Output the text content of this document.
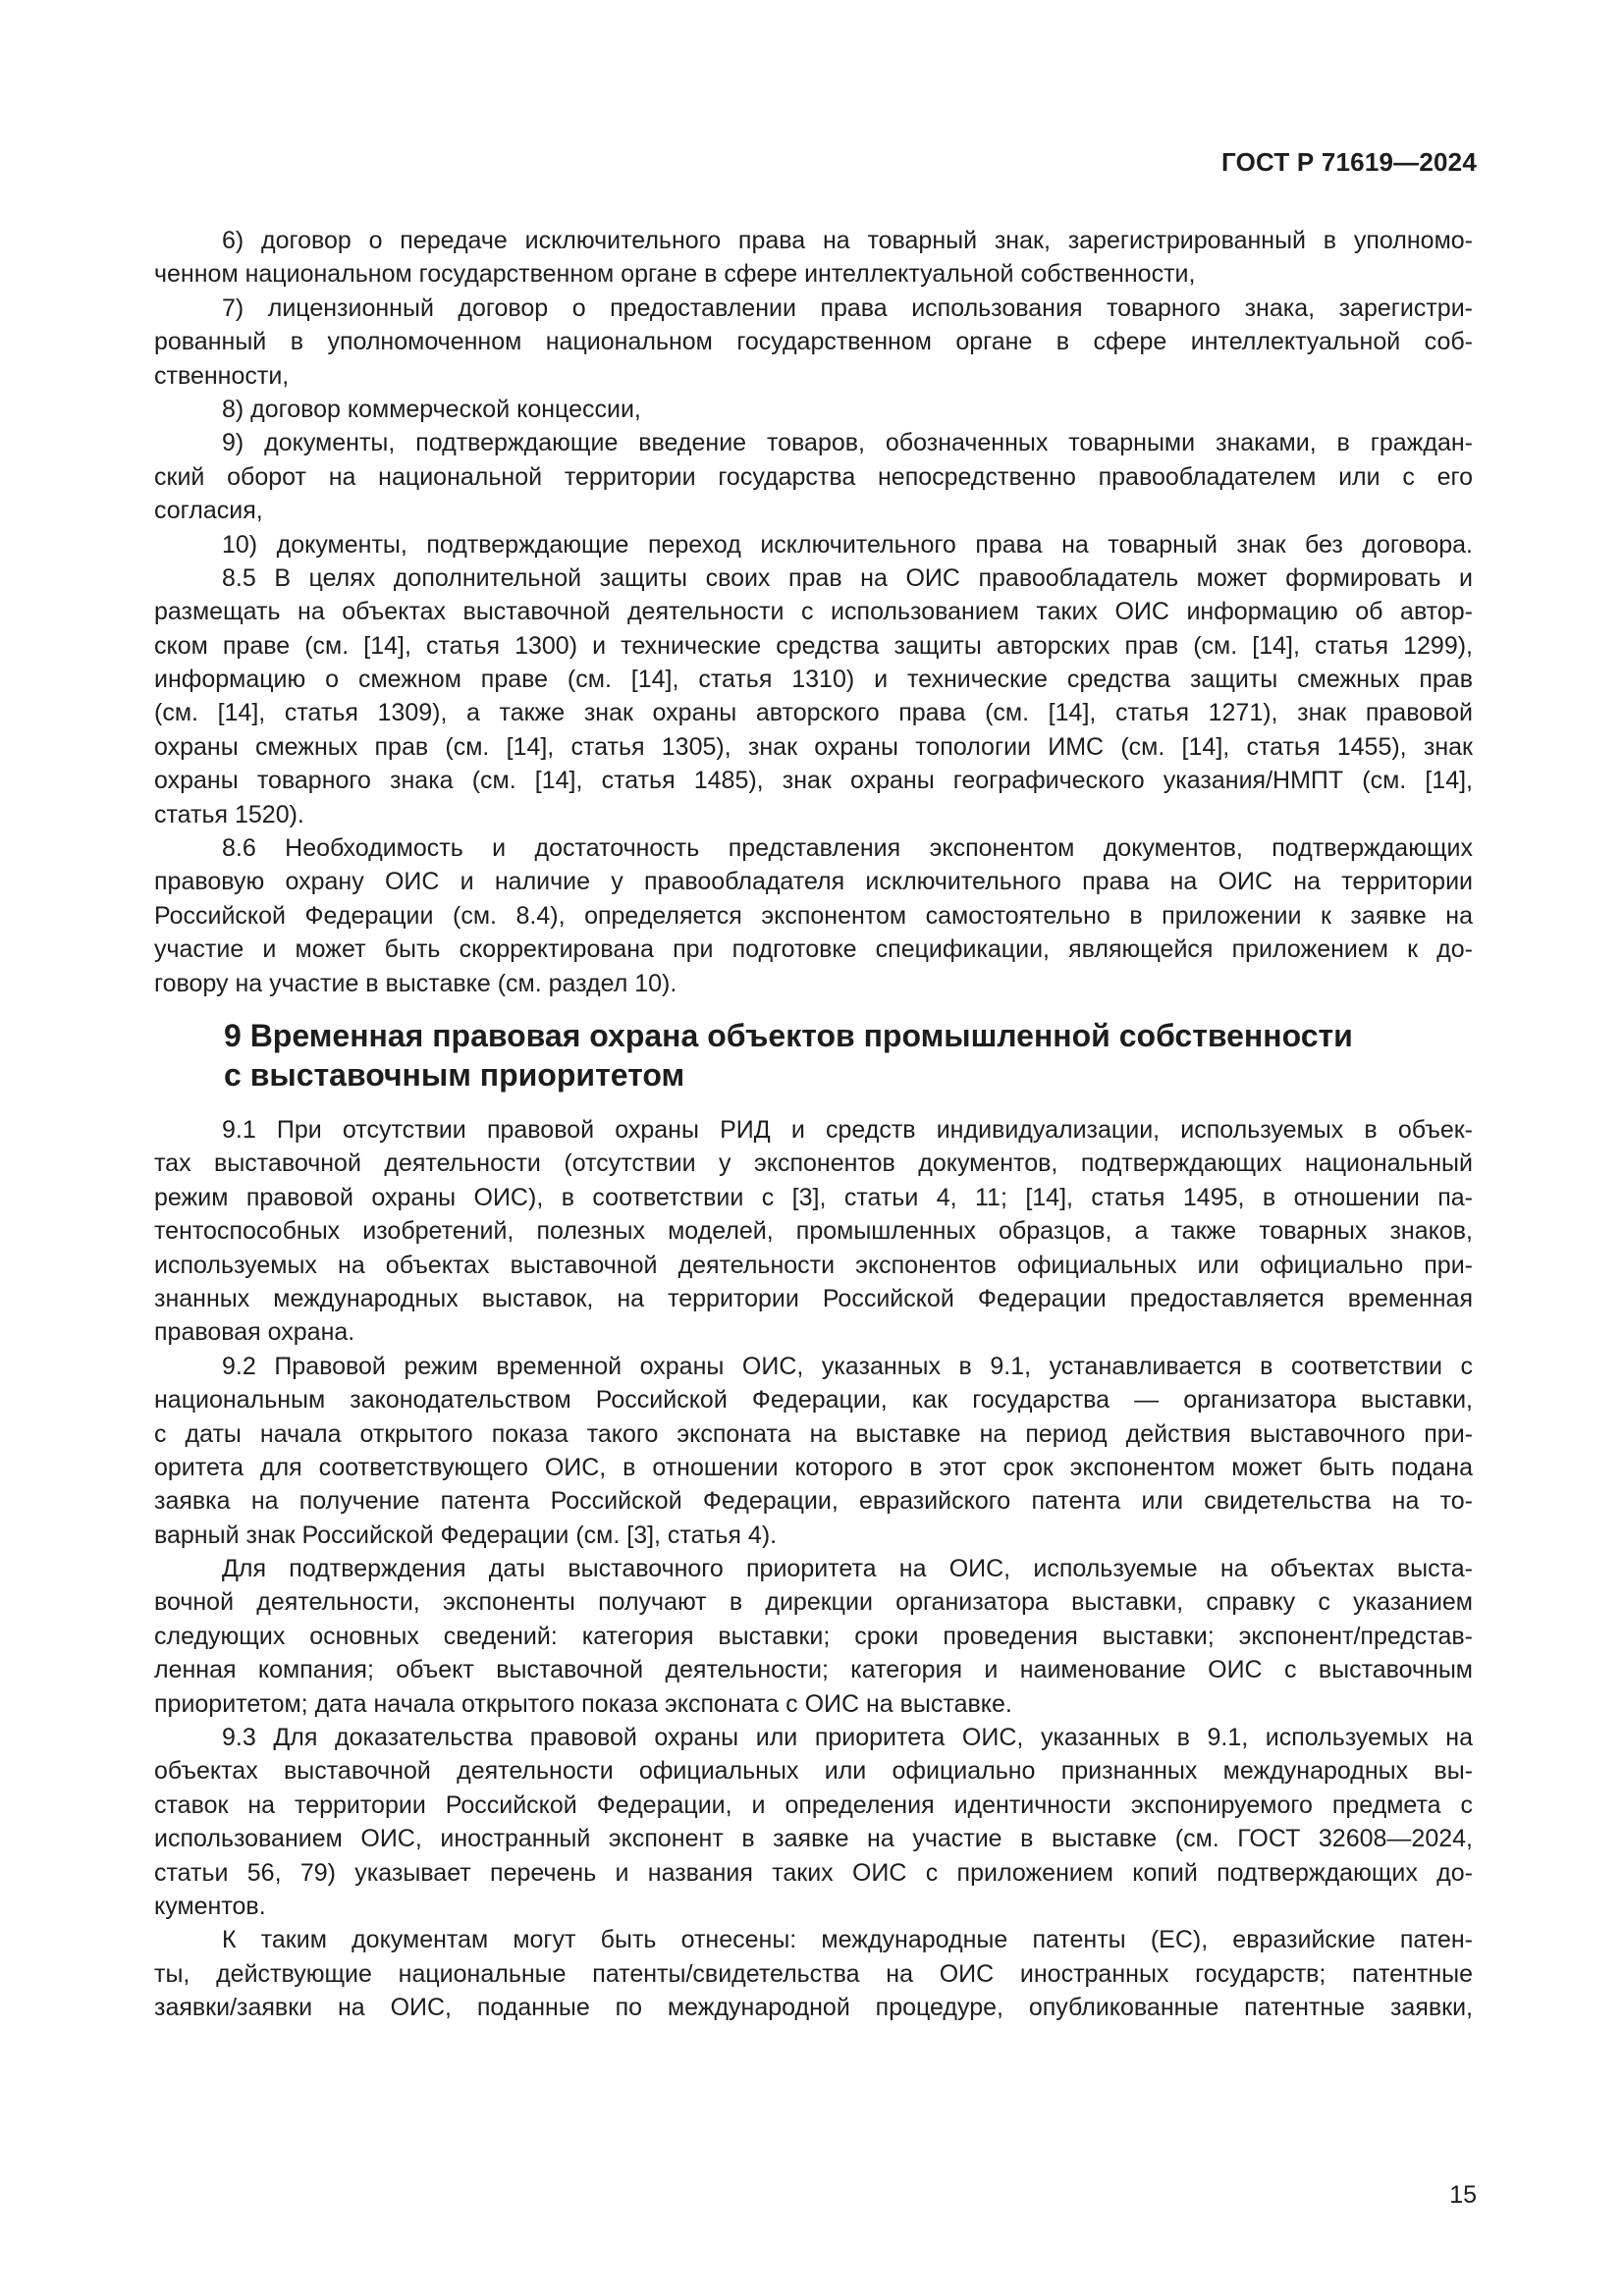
ГОСТ Р 71619—2024
6) договор о передаче исключительного права на товарный знак, зарегистрированный в уполномо-
ченном национальном государственном органе в сфере интеллектуальной собственности,
7) лицензионный договор о предоставлении права использования товарного знака, зарегистри-
рованный в уполномоченном национальном государственном органе в сфере интеллектуальной соб-
ственности,
8) договор коммерческой концессии,
9) документы, подтверждающие введение товаров, обозначенных товарными знаками, в граждан-
ский оборот на национальной территории государства непосредственно правообладателем или с его
согласия,
10) документы, подтверждающие переход исключительного права на товарный знак без договора.
8.5 В целях дополнительной защиты своих прав на ОИС правообладатель может формировать и
размещать на объектах выставочной деятельности с использованием таких ОИС информацию об автор-
ском праве (см. [14], статья 1300) и технические средства защиты авторских прав (см. [14], статья 1299),
информацию о смежном праве (см. [14], статья 1310) и технические средства защиты смежных прав
(см. [14], статья 1309), а также знак охраны авторского права (см. [14], статья 1271), знак правовой
охраны смежных прав (см. [14], статья 1305), знак охраны топологии ИМС (см. [14], статья 1455), знак
охраны товарного знака (см. [14], статья 1485), знак охраны географического указания/НМПТ (см. [14],
статья 1520).
8.6 Необходимость и достаточность представления экспонентом документов, подтверждающих
правовую охрану ОИС и наличие у правообладателя исключительного права на ОИС на территории
Российской Федерации (см. 8.4), определяется экспонентом самостоятельно в приложении к заявке на
участие и может быть скорректирована при подготовке спецификации, являющейся приложением к до-
говору на участие в выставке (см. раздел 10).
9 Временная правовая охрана объектов промышленной собственности
с выставочным приоритетом
9.1 При отсутствии правовой охраны РИД и средств индивидуализации, используемых в объек-
тах выставочной деятельности (отсутствии у экспонентов документов, подтверждающих национальный
режим правовой охраны ОИС), в соответствии с [3], статьи 4, 11; [14], статья 1495, в отношении па-
тентоспособных изобретений, полезных моделей, промышленных образцов, а также товарных знаков,
используемых на объектах выставочной деятельности экспонентов официальных или официально при-
знанных международных выставок, на территории Российской Федерации предоставляется временная
правовая охрана.
9.2 Правовой режим временной охраны ОИС, указанных в 9.1, устанавливается в соответствии с
национальным законодательством Российской Федерации, как государства — организатора выставки,
с даты начала открытого показа такого экспоната на выставке на период действия выставочного при-
оритета для соответствующего ОИС, в отношении которого в этот срок экспонентом может быть подана
заявка на получение патента Российской Федерации, евразийского патента или свидетельства на то-
варный знак Российской Федерации (см. [3], статья 4).
Для подтверждения даты выставочного приоритета на ОИС, используемые на объектах выста-
вочной деятельности, экспоненты получают в дирекции организатора выставки, справку с указанием
следующих основных сведений: категория выставки; сроки проведения выставки; экспонент/представ-
ленная компания; объект выставочной деятельности; категория и наименование ОИС с выставочным
приоритетом; дата начала открытого показа экспоната с ОИС на выставке.
9.3 Для доказательства правовой охраны или приоритета ОИС, указанных в 9.1, используемых на
объектах выставочной деятельности официальных или официально признанных международных вы-
ставок на территории Российской Федерации, и определения идентичности экспонируемого предмета с
использованием ОИС, иностранный экспонент в заявке на участие в выставке (см. ГОСТ 32608—2024,
статьи 56, 79) указывает перечень и названия таких ОИС с приложением копий подтверждающих до-
кументов.
К таким документам могут быть отнесены: международные патенты (ЕС), евразийские патен-
ты, действующие национальные патенты/свидетельства на ОИС иностранных государств; патентные
заявки/заявки на ОИС, поданные по международной процедуре, опубликованные патентные заявки,
15
